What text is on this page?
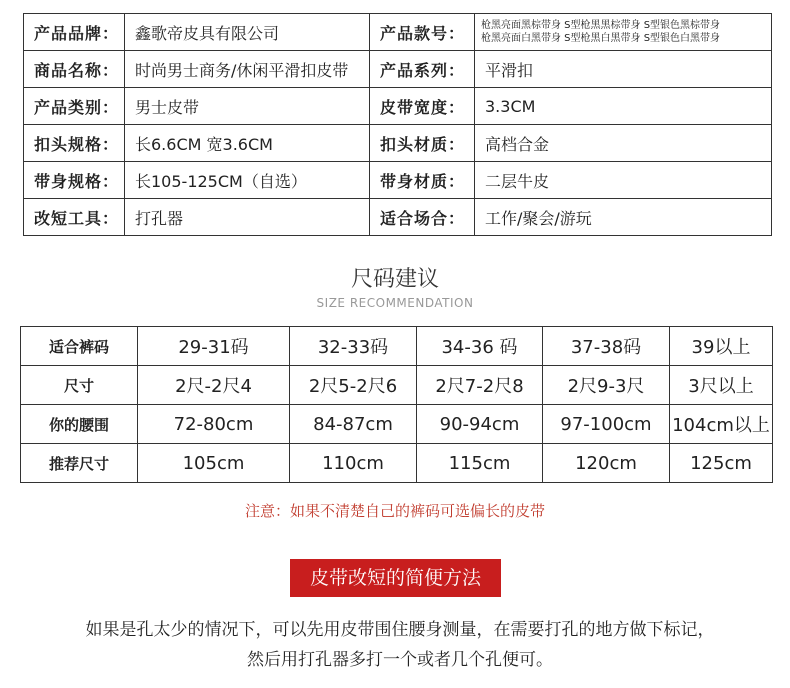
产品品牌：	鑫歌帝皮具有限公司	产品款号：	枪黑亮面黑棕带身 S型枪黑黑棕带身 S型银色黑棕带身
枪黑亮面白黑带身 S型枪黑白黑带身 S型银色白黑带身

商品名称：	时尚男士商务/休闲平滑扣皮带	产品系列：	平滑扣
产品类别：	男士皮带	皮带宽度：	3.3CM
扣头规格：	长6.6CM 宽3.6CM	扣头材质：	高档合金
带身规格：	长105-125CM（自选）	带身材质：	二层牛皮
改短工具：	打孔器	适合场合：	工作/聚会/游玩
尺码建议
SIZE RECOMMENDATION
适合裤码	29-31码	32-33码	34-36 码	37-38码	39以上
尺寸	2尺-2尺4	2尺5-2尺6	2尺7-2尺8	2尺9-3尺	3尺以上
你的腰围	72-80cm	84-87cm	90-94cm	97-100cm	104cm以上
推荐尺寸	105cm	110cm	115cm	120cm	125cm
注意：如果不清楚自己的裤码可选偏长的皮带
皮带改短的简便方法
如果是孔太少的情况下，可以先用皮带围住腰身测量，在需要打孔的地方做下标记，
然后用打孔器多打一个或者几个孔便可。
